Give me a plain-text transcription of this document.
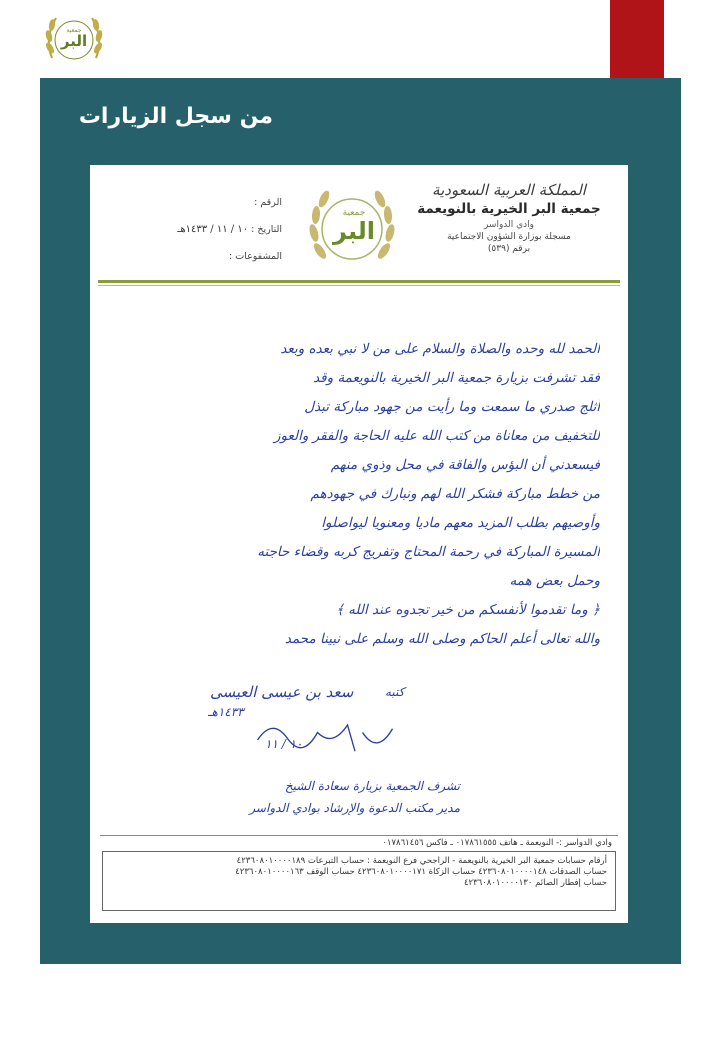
البر
جمعية
من سجل الزيارات
المملكة العربية السعودية
جمعية البر الخيرية بالنويعمة
وادي الدواسر
مسجلة بوزارة الشؤون الاجتماعية
برقم (٥٣٩)
البر
جمعية
الرقم :
التاريخ : ١٠ / ١١ / ١٤٣٣هـ
المشفوعات :
الحمد لله وحده والصلاة والسلام على من لا نبي بعده وبعد
فقد تشرفت بزيارة جمعية البر الخيرية بالنويعمة وقد
أثلج صدري ما سمعت وما رأيت من جهود مباركة تبذل
للتخفيف من معاناة من كتب الله عليه الحاجة والفقر والعوز
فيسعدني أن البؤس والفاقة في محل وذوي منهم
من خطط مباركة فشكر الله لهم ونبارك في جهودهم
وأوصيهم بطلب المزيد معهم ماديا ومعنويا ليواصلوا
المسيرة المباركة في رحمة المحتاج وتفريج كربه وقضاء حاجته
وحمل بعض همه
﴿ وما تقدموا لأنفسكم من خير تجدوه عند الله ﴾
والله تعالى أعلم الحاكم وصلى الله وسلم على نبينا محمد
كتبه
سعد بن عيسى العيسى
١٤٣٣هـ
١٠ / ١١
تشرف الجمعية بزيارة سعادة الشيخ
مدير مكتب الدعوة والإرشاد بوادي الدواسر
وادي الدواسر :- النويعمة ـ هاتف ٠١٧٨٦١٥٥٥ ـ فاكس ٠١٧٨٦١٤٥٦
أرقام حسابات جمعية البر الخيرية بالنويعمة - الراجحي فرع النويعمة : حساب التبرعات ٤٢٣٦٠٨٠١٠٠٠٠١٨٩
حساب الصدقات ٤٢٣٦٠٨٠١٠٠٠٠١٤٨ حساب الزكاة ٤٢٣٦٠٨٠١٠٠٠٠١٧١ حساب الوقف ٤٢٣٦٠٨٠١٠٠٠٠١٦٣
حساب إفطار الصائم ٤٢٣٦٠٨٠١٠٠٠٠١٣٠
